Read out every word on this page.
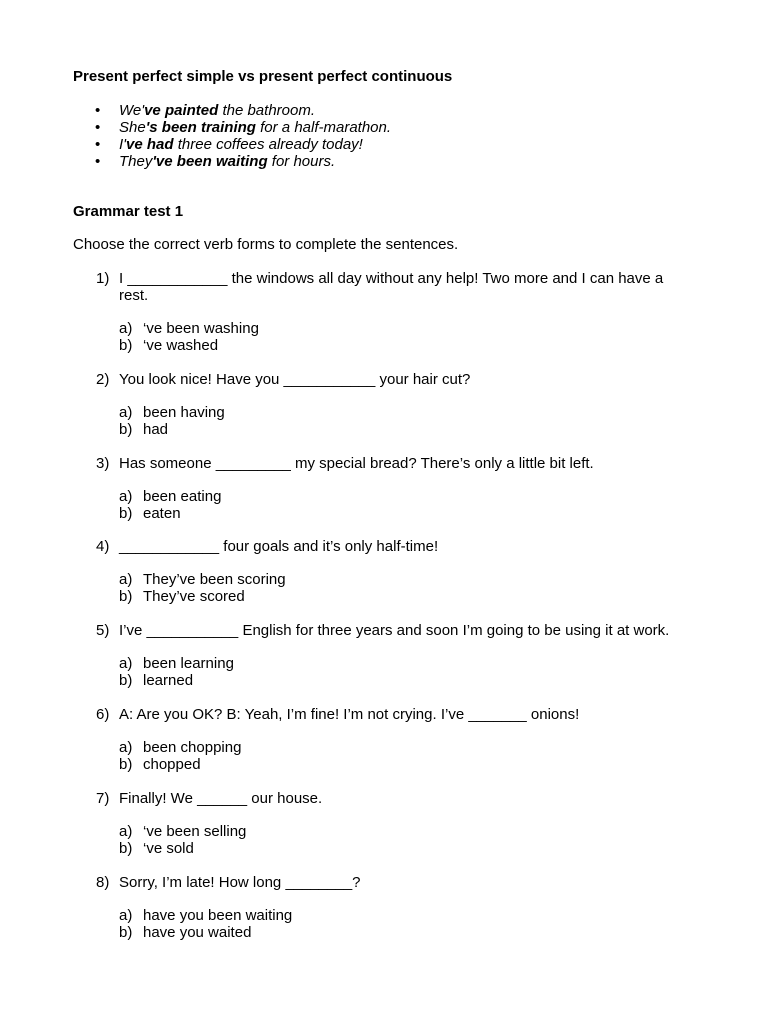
Present perfect simple vs present perfect continuous

• We've painted the bathroom.
• She's been training for a half-marathon.
• I've had three coffees already today!
• They've been waiting for hours.

Grammar test 1

Choose the correct verb forms to complete the sentences.

1) I ____________ the windows all day without any help! Two more and I can have a rest.
a) ‘ve been washing
b) ‘ve washed
2) You look nice! Have you ___________ your hair cut?
a) been having
b) had
3) Has someone _________ my special bread? There’s only a little bit left.
a) been eating
b) eaten
4) ____________ four goals and it’s only half-time!
a) They’ve been scoring
b) They’ve scored
5) I’ve ___________ English for three years and soon I’m going to be using it at work.
a) been learning
b) learned
6) A: Are you OK? B: Yeah, I’m fine! I’m not crying. I’ve _______ onions!
a) been chopping
b) chopped
7) Finally! We ______ our house.
a) ‘ve been selling
b) ‘ve sold
8) Sorry, I’m late! How long ________?
a) have you been waiting
b) have you waited
